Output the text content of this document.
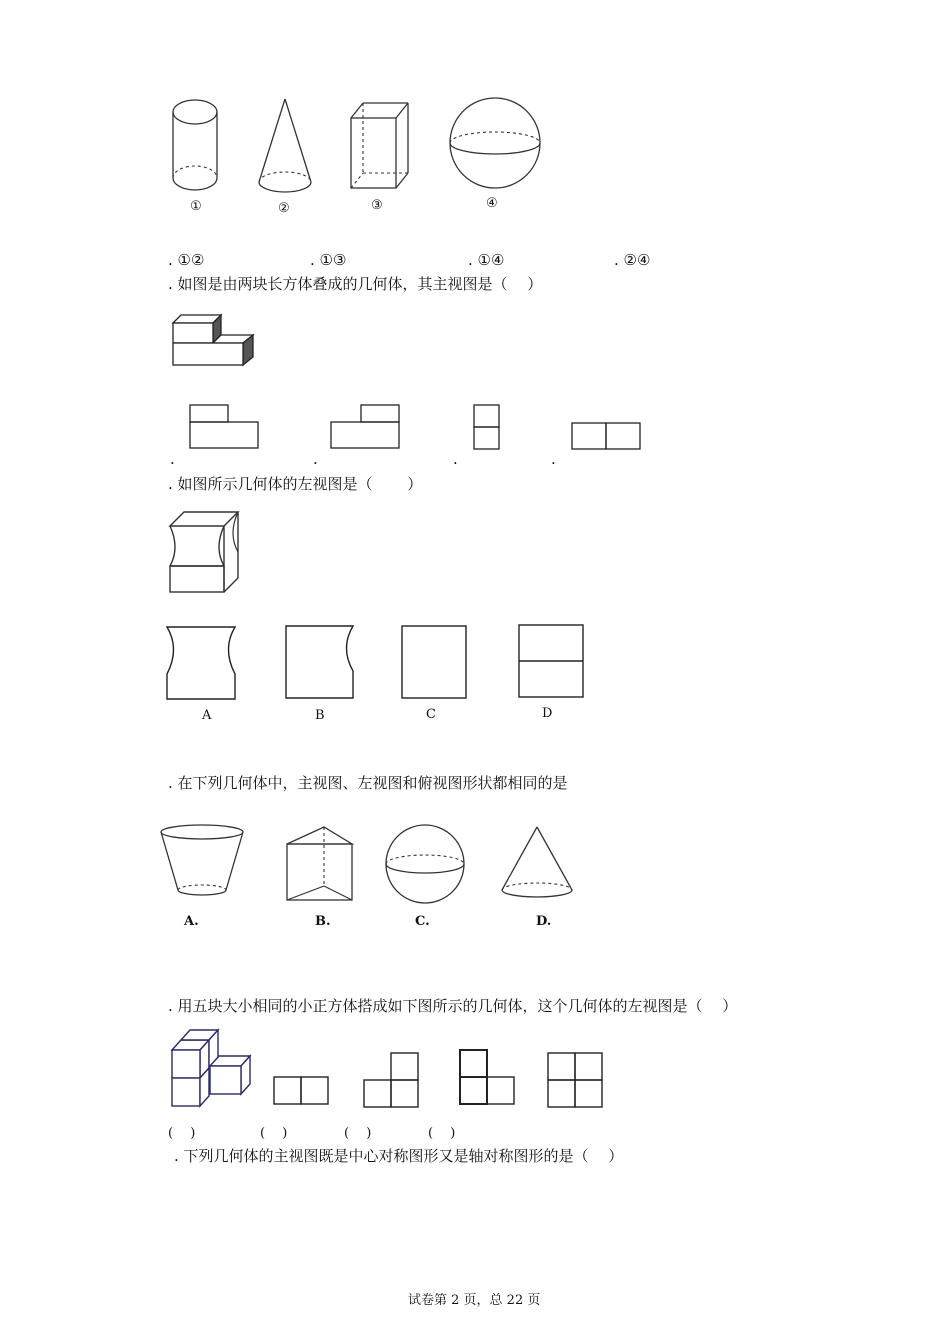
①	②	③	④
. ①②	. ①③	. ①④	. ②④
. 如图是由两块长方体叠成的几何体，其主视图是（　 ）
.	.	.	.
. 如图所示几何体的左视图是（　　 ）
A	B	C	D
. 在下列几何体中，主视图、左视图和俯视图形状都相同的是
A.	B.	C.	D.
. 用五块大小相同的小正方体搭成如下图所示的几何体，这个几何体的左视图是（　 ）
(　 )	(　 )	(　 )	(　 )
. 下列几何体的主视图既是中心对称图形又是轴对称图形的是（　 ）
试卷第 2 页，总 22 页
